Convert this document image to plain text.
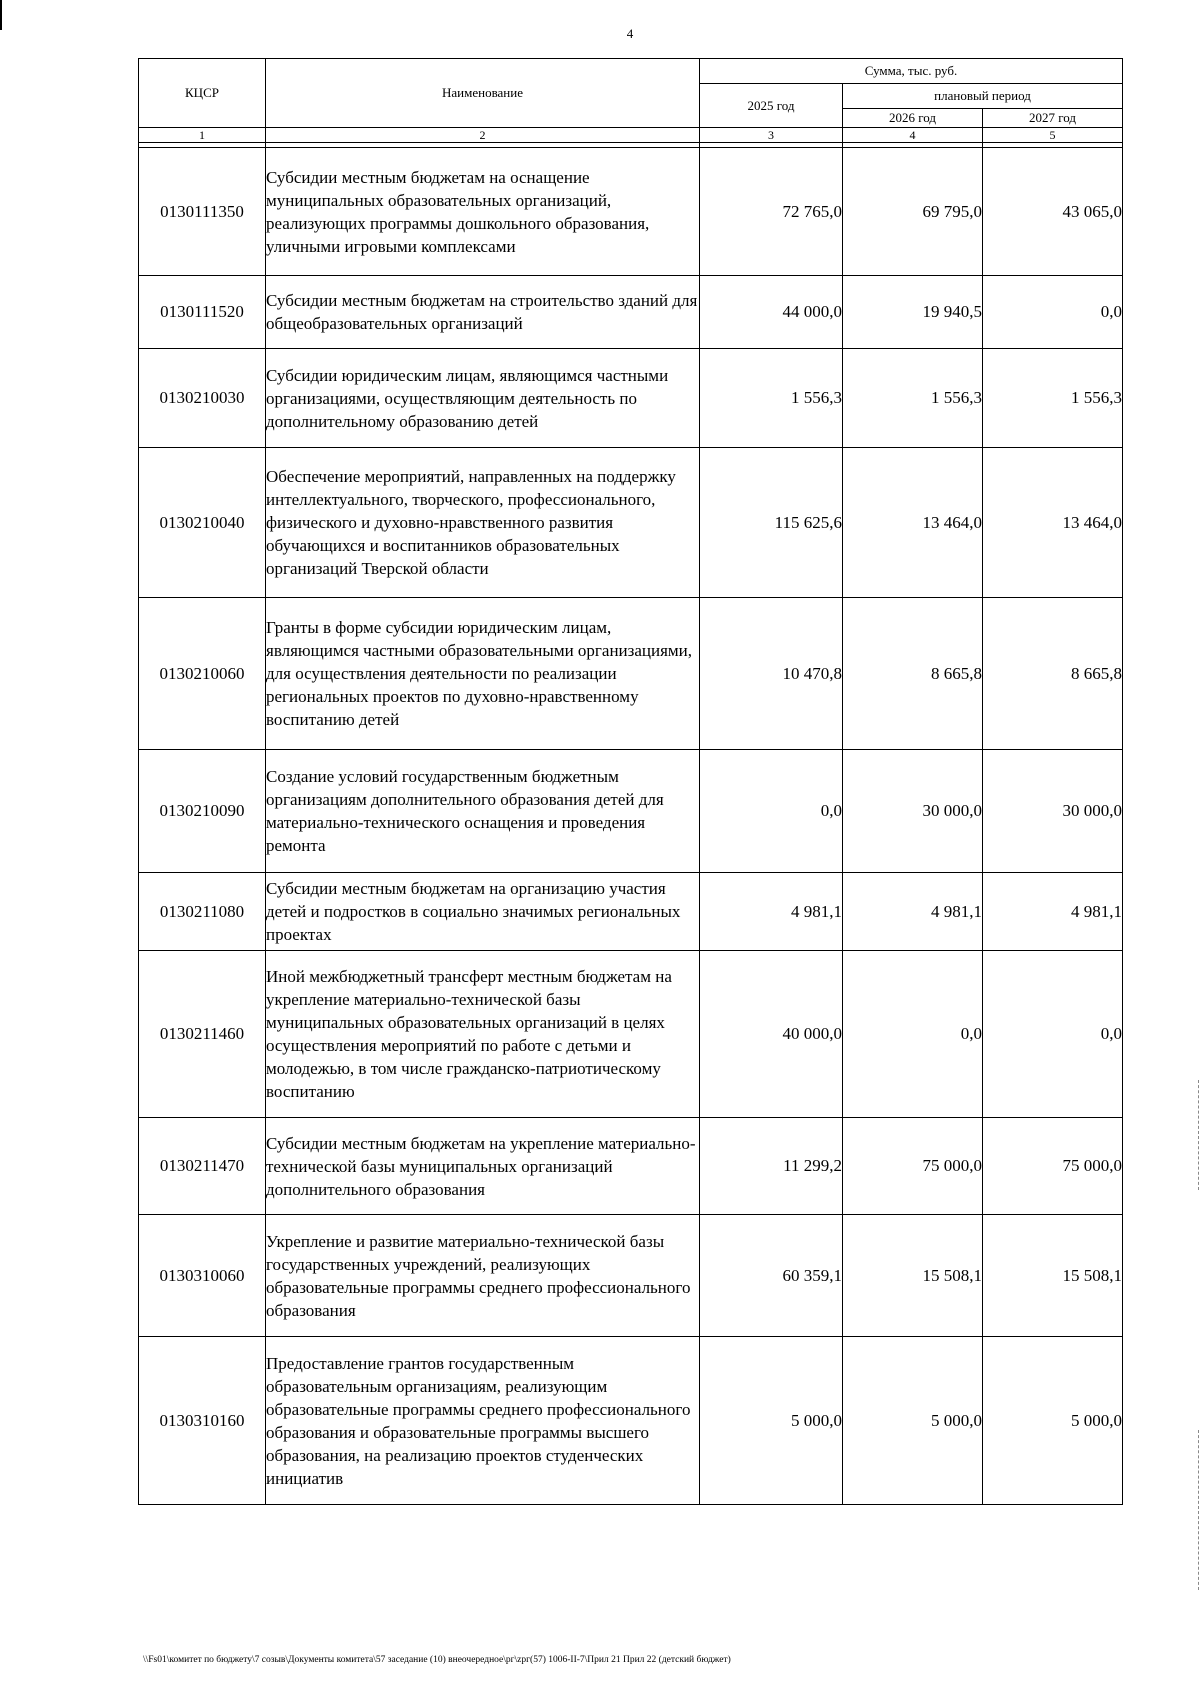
4
КЦСР	Наименование	Сумма, тыс. руб.		
		2025 год	плановый период	
			2026 год	2027 год
1	2	3	4	5

0130111350	Субсидии местным бюджетам на оснащение муниципальных образовательных организаций, реализующих программы дошкольного образования, уличными игровыми комплексами	72 765,0	69 795,0	43 065,0
0130111520	Субсидии местным бюджетам на строительство зданий для общеобразовательных организаций	44 000,0	19 940,5	0,0
0130210030	Субсидии юридическим лицам, являющимся частными организациями, осуществляющим деятельность по дополнительному образованию детей	1 556,3	1 556,3	1 556,3
0130210040	Обеспечение мероприятий, направленных на поддержку интеллектуального, творческого, профессионального, физического и духовно-нравственного развития обучающихся и воспитанников образовательных организаций Тверской области	115 625,6	13 464,0	13 464,0
0130210060	Гранты в форме субсидии юридическим лицам, являющимся частными образовательными организациями, для осуществления деятельности по реализации региональных проектов по духовно-нравственному воспитанию детей	10 470,8	8 665,8	8 665,8
0130210090	Создание условий государственным бюджетным организациям дополнительного образования детей для материально-технического оснащения и проведения ремонта	0,0	30 000,0	30 000,0
0130211080	Субсидии местным бюджетам на организацию участия детей и подростков в социально значимых региональных проектах	4 981,1	4 981,1	4 981,1
0130211460	Иной межбюджетный трансферт местным бюджетам на укрепление материально-технической базы муниципальных образовательных организаций в целях осуществления мероприятий по работе с детьми и молодежью, в том числе гражданско-патриотическому воспитанию	40 000,0	0,0	0,0
0130211470	Субсидии местным бюджетам на укрепление материально-технической базы муниципальных организаций дополнительного образования	11 299,2	75 000,0	75 000,0
0130310060	Укрепление и развитие материально-технической базы государственных учреждений, реализующих образовательные программы среднего профессионального образования	60 359,1	15 508,1	15 508,1
0130310160	Предоставление грантов государственным образовательным организациям, реализующим образовательные программы среднего профессионального образования и образовательные программы высшего образования, на реализацию проектов студенческих инициатив	5 000,0	5 000,0	5 000,0
\\Fs01\комитет по бюджету\7 созыв\Документы комитета\57 заседание (10) внеочередное\рг\zрг(57) 1006-II-7\Прил 21 Прил 22 (детский бюджет)
